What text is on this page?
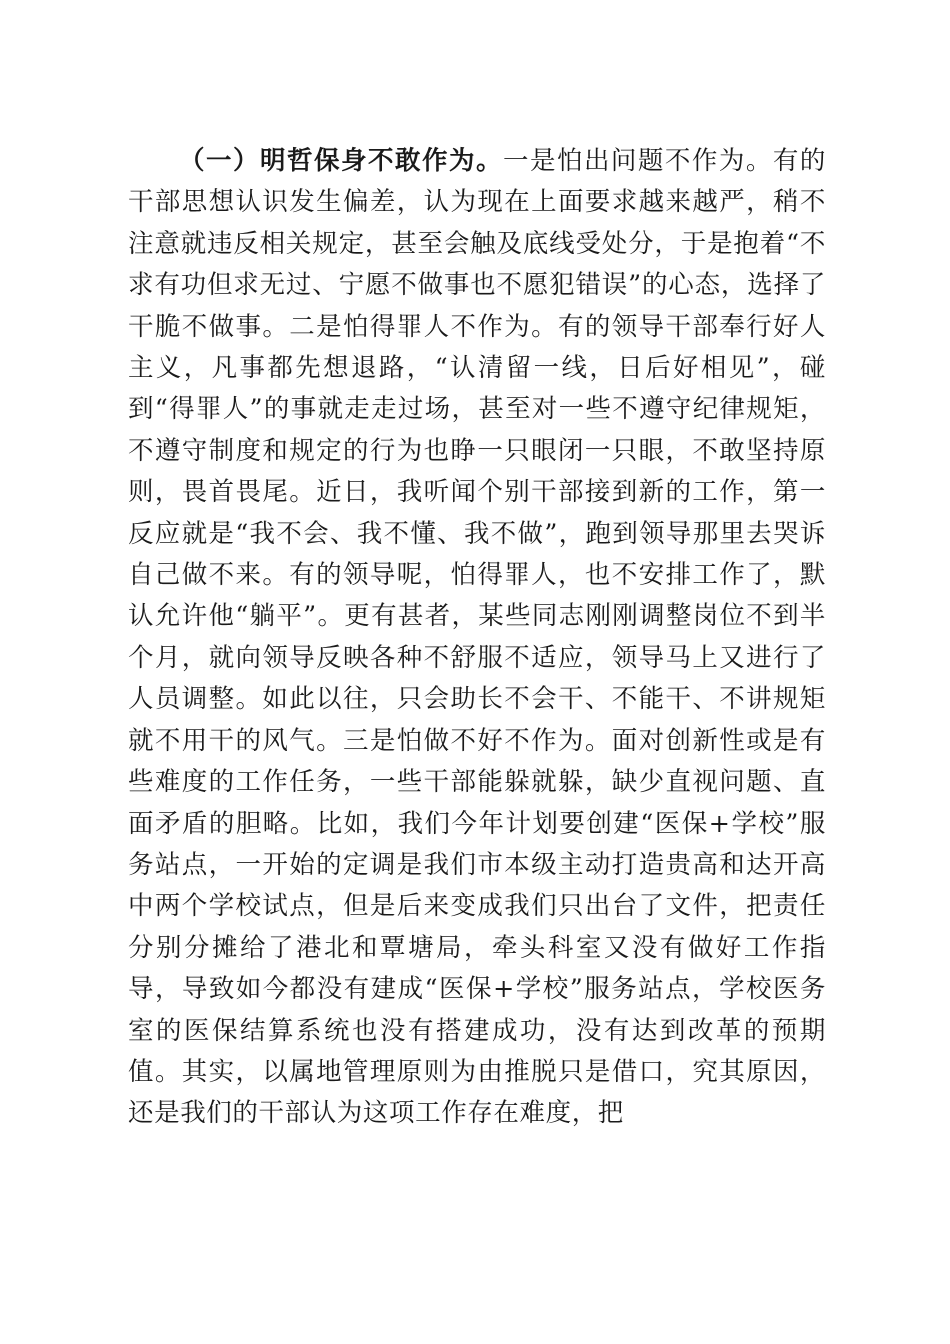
（一）明哲保身不敢作为。一是怕出问题不作为。有的干部思想认识发生偏差，认为现在上面要求越来越严，稍不注意就违反相关规定，甚至会触及底线受处分，于是抱着“不求有功但求无过、宁愿不做事也不愿犯错误”的心态，选择了干脆不做事。二是怕得罪人不作为。有的领导干部奉行好人主义，凡事都先想退路，“认清留一线，日后好相见”，碰到“得罪人”的事就走走过场，甚至对一些不遵守纪律规矩，不遵守制度和规定的行为也睁一只眼闭一只眼，不敢坚持原则，畏首畏尾。近日，我听闻个别干部接到新的工作，第一反应就是“我不会、我不懂、我不做”，跑到领导那里去哭诉自己做不来。有的领导呢，怕得罪人，也不安排工作了，默认允许他“躺平”。更有甚者，某些同志刚刚调整岗位不到半个月，就向领导反映各种不舒服不适应，领导马上又进行了人员调整。如此以往，只会助长不会干、不能干、不讲规矩就不用干的风气。三是怕做不好不作为。面对创新性或是有些难度的工作任务，一些干部能躲就躲，缺少直视问题、直面矛盾的胆略。比如，我们今年计划要创建“医保+学校”服务站点，一开始的定调是我们市本级主动打造贵高和达开高中两个学校试点，但是后来变成我们只出台了文件，把责任分别分摊给了港北和覃塘局，牵头科室又没有做好工作指导，导致如今都没有建成“医保+学校”服务站点，学校医务室的医保结算系统也没有搭建成功，没有达到改革的预期值。其实，以属地管理原则为由推脱只是借口，究其原因，还是我们的干部认为这项工作存在难度，把
